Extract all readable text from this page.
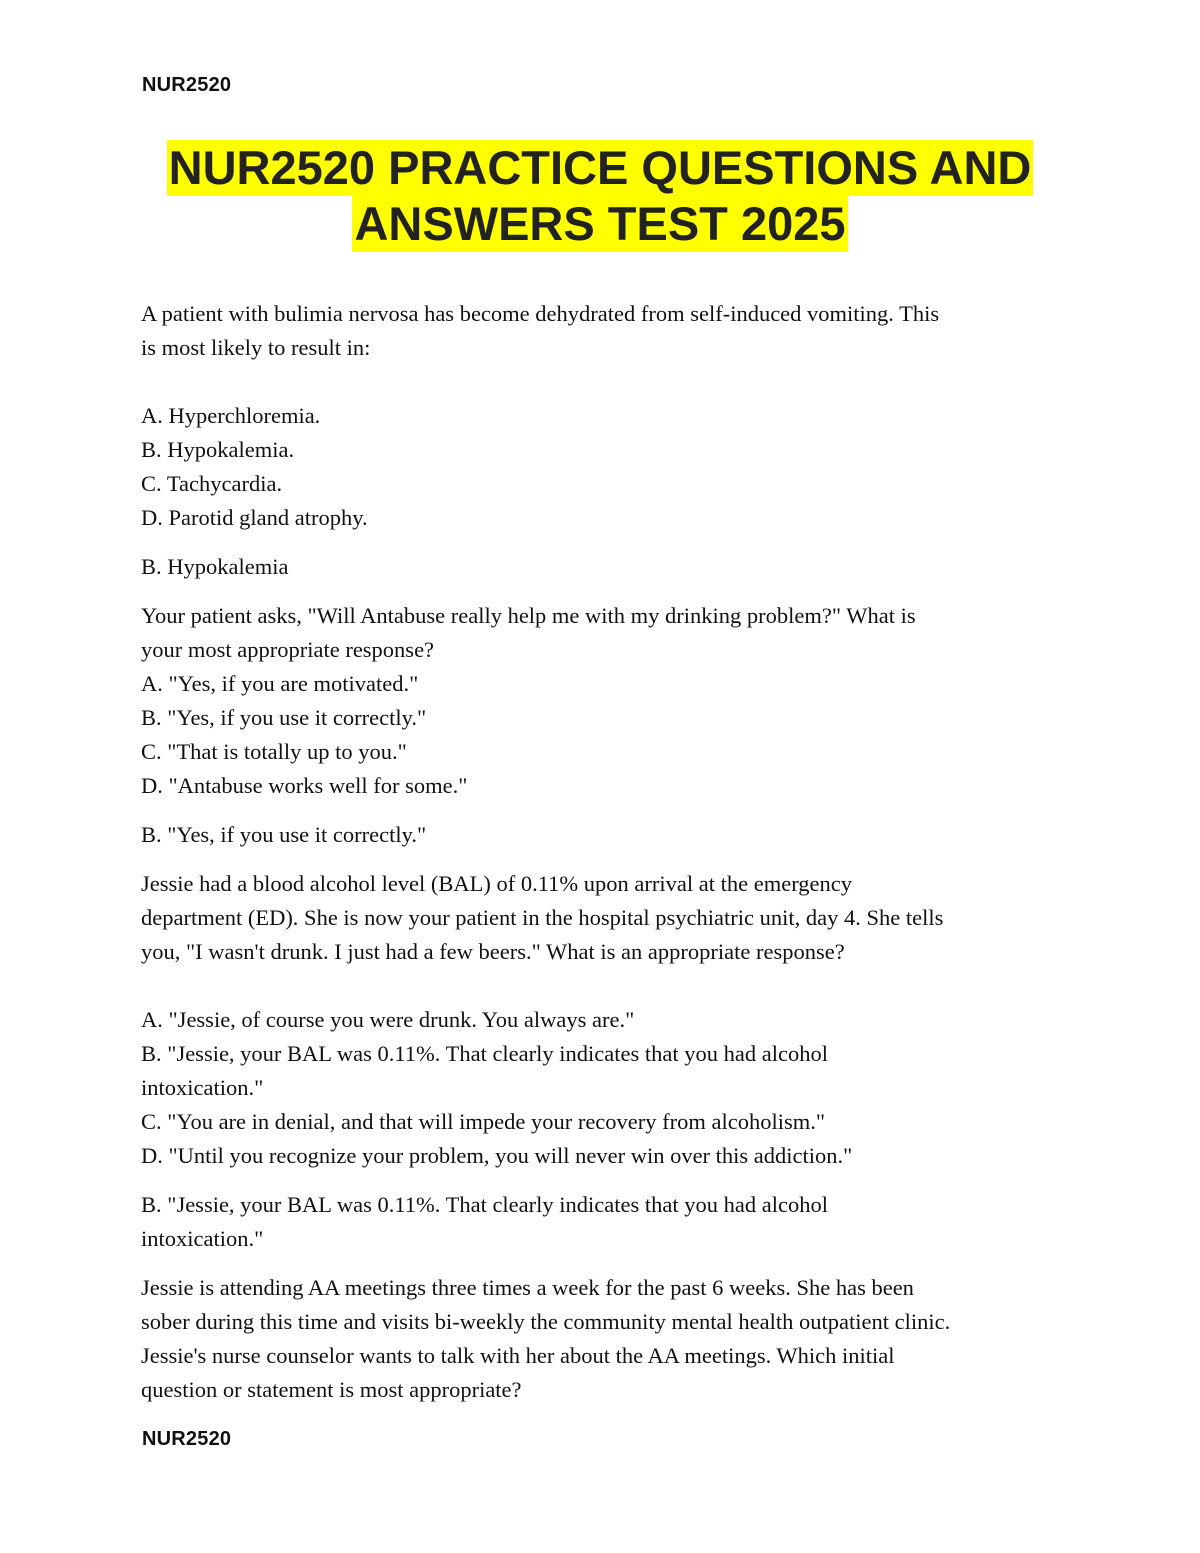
NUR2520
NUR2520 PRACTICE QUESTIONS AND
ANSWERS TEST 2025

A patient with bulimia nervosa has become dehydrated from self-induced vomiting. This

is most likely to result in:

A. Hyperchloremia.

B. Hypokalemia.

C. Tachycardia.

D. Parotid gland atrophy.

B. Hypokalemia

Your patient asks, "Will Antabuse really help me with my drinking problem?" What is

your most appropriate response?

A. "Yes, if you are motivated."

B. "Yes, if you use it correctly."

C. "That is totally up to you."

D. "Antabuse works well for some."

B. "Yes, if you use it correctly."

Jessie had a blood alcohol level (BAL) of 0.11% upon arrival at the emergency

department (ED). She is now your patient in the hospital psychiatric unit, day 4. She tells

you, "I wasn't drunk. I just had a few beers." What is an appropriate response?

A. "Jessie, of course you were drunk. You always are."

B. "Jessie, your BAL was 0.11%. That clearly indicates that you had alcohol

intoxication."

C. "You are in denial, and that will impede your recovery from alcoholism."

D. "Until you recognize your problem, you will never win over this addiction."

B. "Jessie, your BAL was 0.11%. That clearly indicates that you had alcohol

intoxication."

Jessie is attending AA meetings three times a week for the past 6 weeks. She has been

sober during this time and visits bi-weekly the community mental health outpatient clinic.

Jessie's nurse counselor wants to talk with her about the AA meetings. Which initial

question or statement is most appropriate?

NUR2520
